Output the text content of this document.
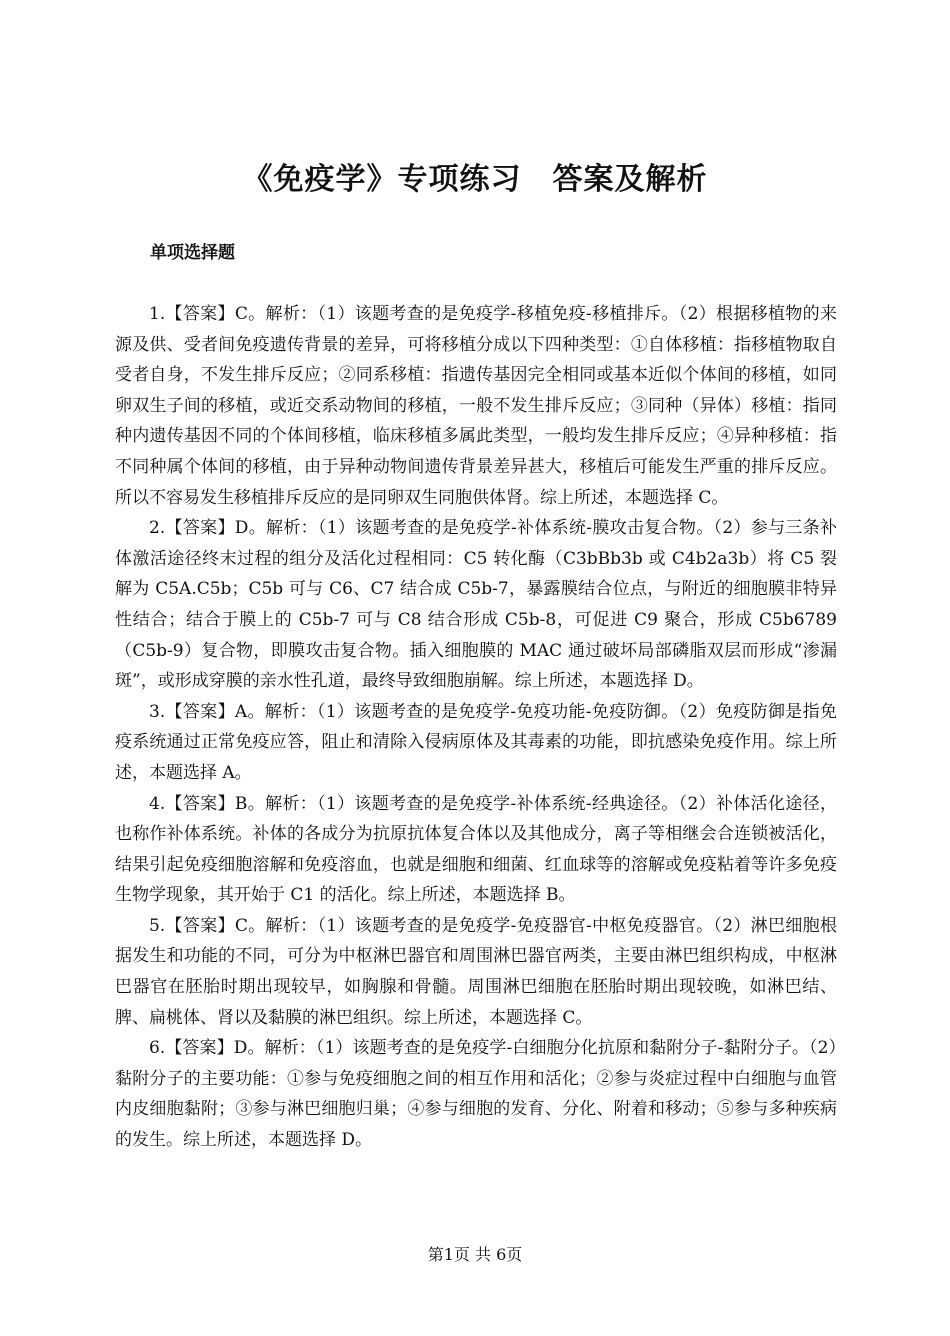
《免疫学》专项练习　答案及解析
单项选择题

1.【答案】C。解析：（1）该题考查的是免疫学-移植免疫-移植排斥。（2）根据移植物的来源及供、受者间免疫遗传背景的差异，可将移植分成以下四种类型：①自体移植：指移植物取自受者自身，不发生排斥反应；②同系移植：指遗传基因完全相同或基本近似个体间的移植，如同卵双生子间的移植，或近交系动物间的移植，一般不发生排斥反应；③同种（异体）移植：指同种内遗传基因不同的个体间移植，临床移植多属此类型，一般均发生排斥反应；④异种移植：指不同种属个体间的移植，由于异种动物间遗传背景差异甚大，移植后可能发生严重的排斥反应。所以不容易发生移植排斥反应的是同卵双生同胞供体肾。综上所述，本题选择 C。

2.【答案】D。解析：（1）该题考查的是免疫学-补体系统-膜攻击复合物。（2）参与三条补体激活途径终末过程的组分及活化过程相同：C5 转化酶（C3bBb3b 或 C4b2a3b）将 C5 裂解为 C5A.C5b；C5b 可与 C6、C7 结合成 C5b-7，暴露膜结合位点，与附近的细胞膜非特异性结合；结合于膜上的 C5b-7 可与 C8 结合形成 C5b-8，可促进 C9 聚合，形成 C5b6789（C5b-9）复合物，即膜攻击复合物。插入细胞膜的 MAC 通过破坏局部磷脂双层而形成“渗漏斑”，或形成穿膜的亲水性孔道，最终导致细胞崩解。综上所述，本题选择 D。

3.【答案】A。解析：（1）该题考查的是免疫学-免疫功能-免疫防御。（2）免疫防御是指免疫系统通过正常免疫应答，阻止和清除入侵病原体及其毒素的功能，即抗感染免疫作用。综上所述，本题选择 A。

4.【答案】B。解析：（1）该题考查的是免疫学-补体系统-经典途径。（2）补体活化途径，也称作补体系统。补体的各成分为抗原抗体复合体以及其他成分，离子等相继会合连锁被活化，结果引起免疫细胞溶解和免疫溶血，也就是细胞和细菌、红血球等的溶解或免疫粘着等许多免疫生物学现象，其开始于 C1 的活化。综上所述，本题选择 B。

5.【答案】C。解析：（1）该题考查的是免疫学-免疫器官-中枢免疫器官。（2）淋巴细胞根据发生和功能的不同，可分为中枢淋巴器官和周围淋巴器官两类，主要由淋巴组织构成，中枢淋巴器官在胚胎时期出现较早，如胸腺和骨髓。周围淋巴细胞在胚胎时期出现较晚，如淋巴结、脾、扁桃体、肾以及黏膜的淋巴组织。综上所述，本题选择 C。

6.【答案】D。解析：（1）该题考查的是免疫学-白细胞分化抗原和黏附分子-黏附分子。（2）黏附分子的主要功能：①参与免疫细胞之间的相互作用和活化；②参与炎症过程中白细胞与血管内皮细胞黏附；③参与淋巴细胞归巢；④参与细胞的发育、分化、附着和移动；⑤参与多种疾病的发生。综上所述，本题选择 D。

第1页 共 6页
